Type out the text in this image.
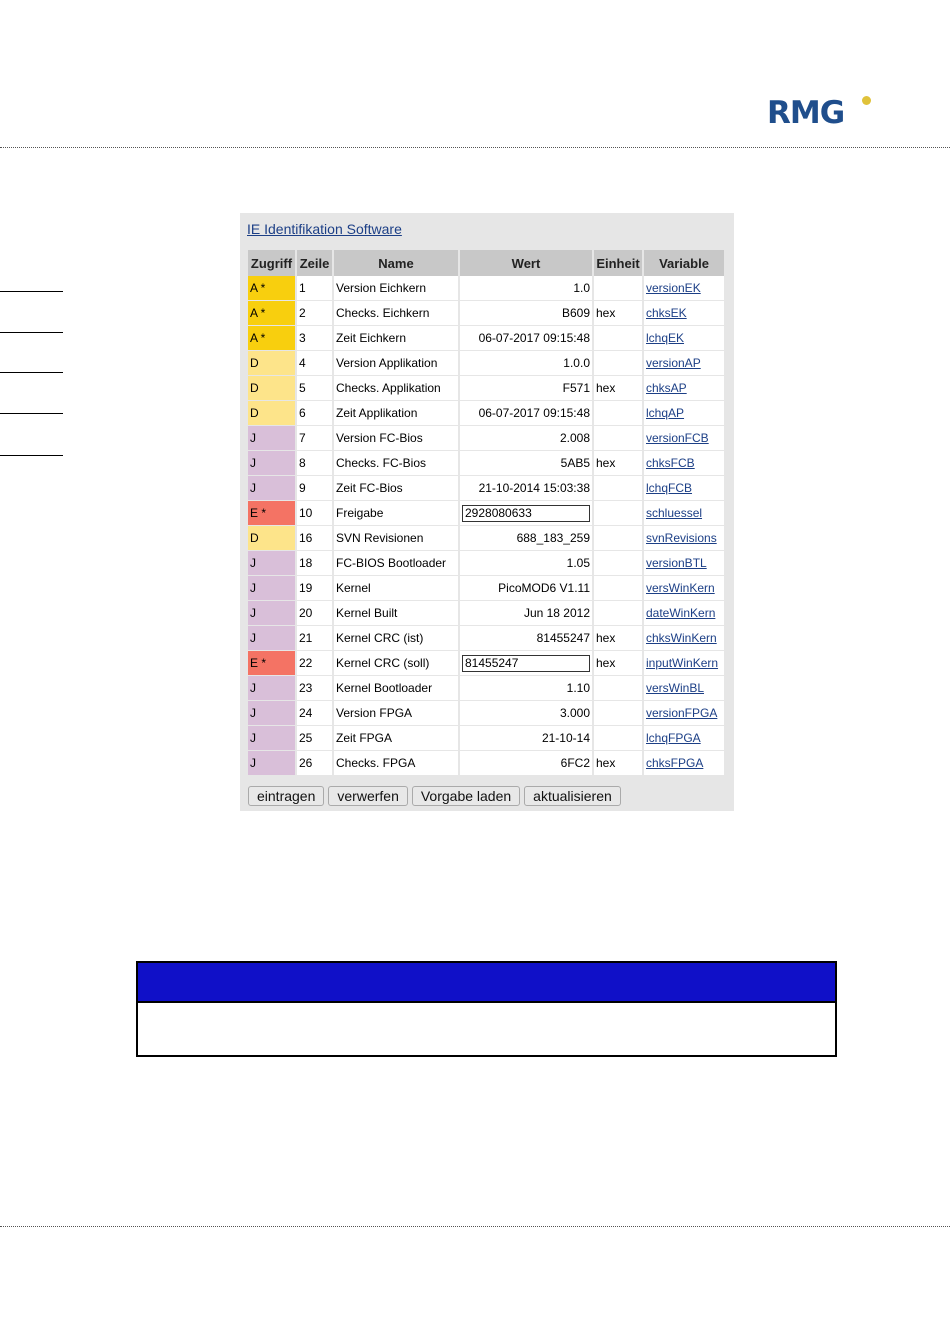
RMG
IE Identifikation Software
Zugriff	Zeile	Name	Wert	Einheit	Variable
A *	1	Version Eichkern	1.0		versionEK
A *	2	Checks. Eichkern	B609	hex	chksEK
A *	3	Zeit Eichkern	06-07-2017 09:15:48		lchqEK
D	4	Version Applikation	1.0.0		versionAP
D	5	Checks. Applikation	F571	hex	chksAP
D	6	Zeit Applikation	06-07-2017 09:15:48		lchqAP
J	7	Version FC-Bios	2.008		versionFCB
J	8	Checks. FC-Bios	5AB5	hex	chksFCB
J	9	Zeit FC-Bios	21-10-2014 15:03:38		lchqFCB
E *	10	Freigabe	2928080633		schluessel
D	16	SVN Revisionen	688_183_259		svnRevisions
J	18	FC-BIOS Bootloader	1.05		versionBTL
J	19	Kernel	PicoMOD6 V1.11		versWinKern
J	20	Kernel Built	Jun 18 2012		dateWinKern
J	21	Kernel CRC (ist)	81455247	hex	chksWinKern
E *	22	Kernel CRC (soll)	81455247	hex	inputWinKern
J	23	Kernel Bootloader	1.10		versWinBL
J	24	Version FPGA	3.000		versionFPGA
J	25	Zeit FPGA	21-10-14		lchqFPGA
J	26	Checks. FPGA	6FC2	hex	chksFPGA
eintragen	verwerfen	Vorgabe laden	aktualisieren
